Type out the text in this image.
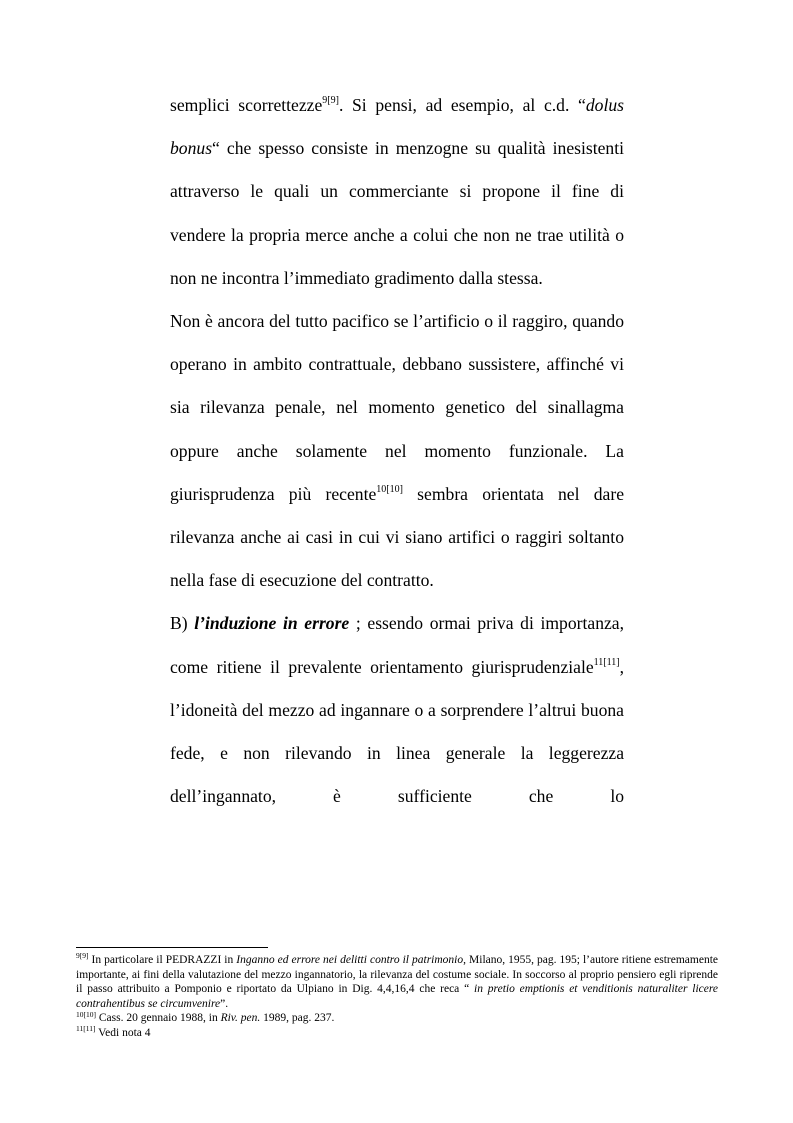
semplici scorrettezze$^{9[9]}$. Si pensi, ad esempio, al c.d. “dolus bonus“ che spesso consiste in menzogne su qualità inesistenti attraverso le quali un commerciante si propone il fine di vendere la propria merce anche a colui che non ne trae utilità o non ne incontra l’immediato gradimento dalla stessa.

Non è ancora del tutto pacifico se l’artificio o il raggiro, quando operano in ambito contrattuale, debbano sussistere, affinché vi sia rilevanza penale, nel momento genetico del sinallagma oppure anche solamente nel momento funzionale. La giurisprudenza più recente$^{10[10]}$ sembra orientata nel dare rilevanza anche ai casi in cui vi siano artifici o raggiri soltanto nella fase di esecuzione del contratto.

B) l’induzione in errore ; essendo ormai priva di importanza, come ritiene il prevalente orientamento giurisprudenziale$^{11[11]}$, l’idoneità del mezzo ad ingannare o a sorprendere l’altrui buona fede, e non rilevando in linea generale la leggerezza dell’ingannato, è sufficiente che lo

$^{9[9]}$ In particolare il PEDRAZZI in Inganno ed errore nei delitti contro il patrimonio, Milano, 1955, pag. 195; l’autore ritiene estremamente importante, ai fini della valutazione del mezzo ingannatorio, la rilevanza del costume sociale. In soccorso al proprio pensiero egli riprende il passo attribuito a Pomponio e riportato da Ulpiano in Dig. 4,4,16,4 che reca “ in pretio emptionis et venditionis naturaliter licere contrahentibus se circumvenire”.

$^{10[10]}$ Cass. 20 gennaio 1988, in Riv. pen. 1989, pag. 237.

$^{11[11]}$ Vedi nota 4
